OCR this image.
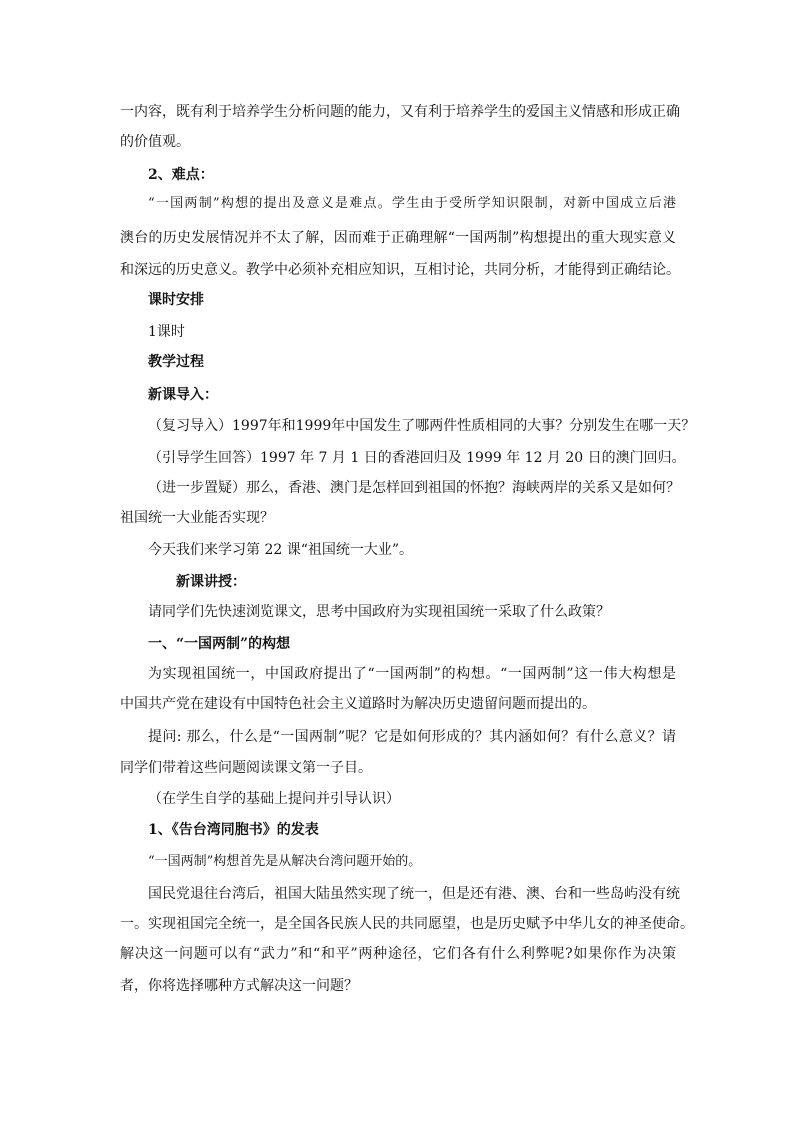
一内容，既有利于培养学生分析问题的能力，又有利于培养学生的爱国主义情感和形成正确

的价值观。

2、难点：

“一国两制”构想的提出及意义是难点。学生由于受所学知识限制，对新中国成立后港

澳台的历史发展情况并不太了解，因而难于正确理解“一国两制”构想提出的重大现实意义

和深远的历史意义。教学中必须补充相应知识，互相讨论，共同分析，才能得到正确结论。

课时安排

1课时

教学过程

新课导入：

（复习导入）1997年和1999年中国发生了哪两件性质相同的大事？分别发生在哪一天？

（引导学生回答）1997 年 7 月 1 日的香港回归及 1999 年 12 月 20 日的澳门回归。

（进一步置疑）那么，香港、澳门是怎样回到祖国的怀抱？海峡两岸的关系又是如何？

祖国统一大业能否实现？

今天我们来学习第 22 课“祖国统一大业”。

新课讲授：

请同学们先快速浏览课文，思考中国政府为实现祖国统一采取了什么政策？

一、“一国两制”的构想

为实现祖国统一，中国政府提出了“一国两制”的构想。“一国两制”这一伟大构想是

中国共产党在建设有中国特色社会主义道路时为解决历史遗留问题而提出的。

提问: 那么，什么是“一国两制”呢？它是如何形成的？其内涵如何？有什么意义？请

同学们带着这些问题阅读课文第一子目。

（在学生自学的基础上提问并引导认识）

1、《告台湾同胞书》的发表

“一国两制”构想首先是从解决台湾问题开始的。

国民党退往台湾后，祖国大陆虽然实现了统一，但是还有港、澳、台和一些岛屿没有统

一。实现祖国完全统一，是全国各民族人民的共同愿望，也是历史赋予中华儿女的神圣使命。

解决这一问题可以有“武力”和“和平”两种途径，它们各有什么利弊呢?如果你作为决策

者，你将选择哪种方式解决这一问题？
